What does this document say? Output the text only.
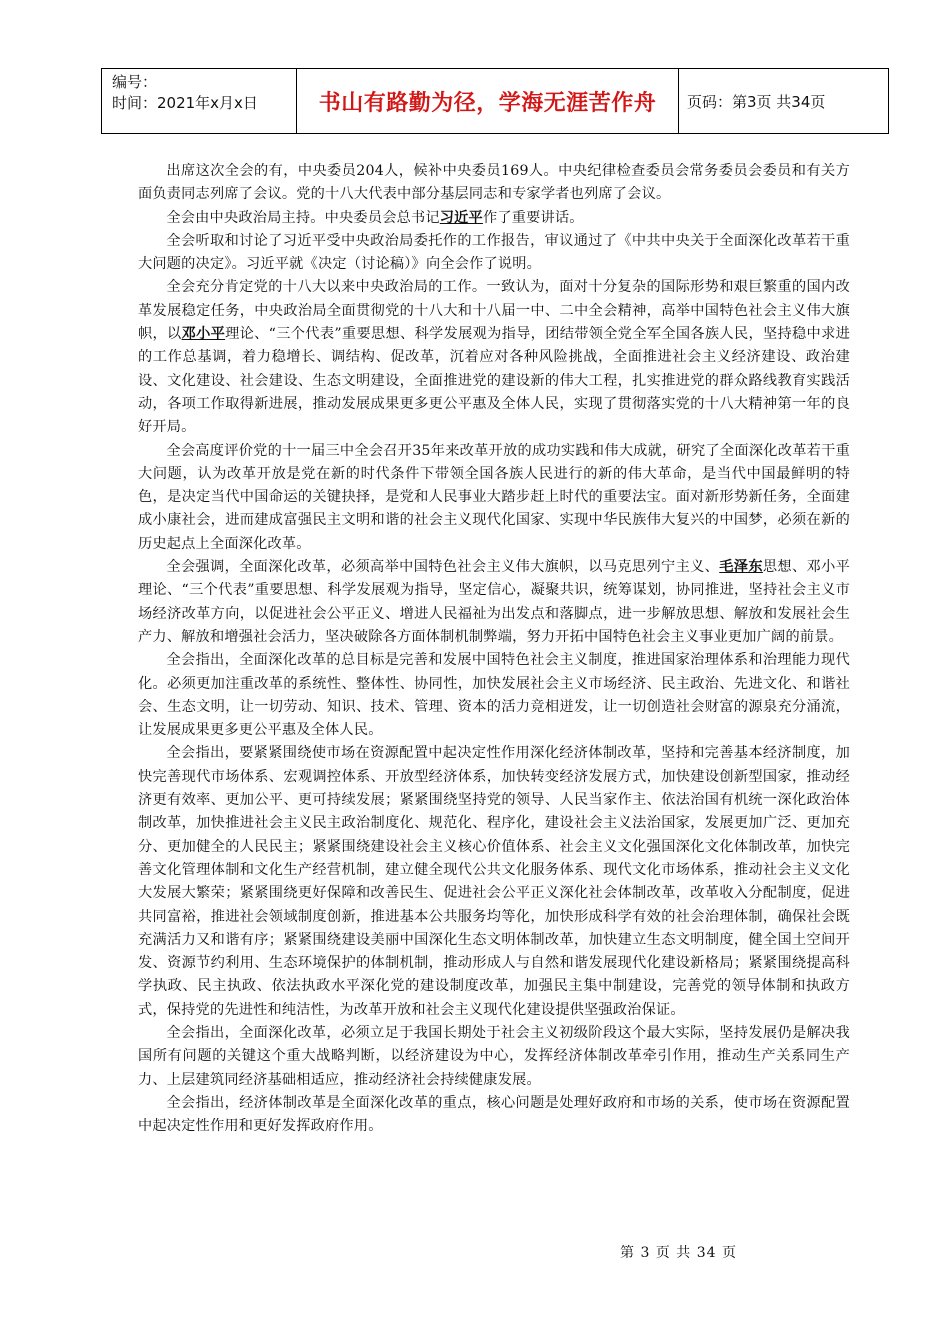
编号：
时间：2021年x月x日	书山有路勤为径，学海无涯苦作舟	页码：第3页 共34页

出席这次全会的有，中央委员204人，候补中央委员169人。中央纪律检查委员会常务委员会委员和有关方面负责同志列席了会议。党的十八大代表中部分基层同志和专家学者也列席了会议。

全会由中央政治局主持。中央委员会总书记习近平作了重要讲话。

全会听取和讨论了习近平受中央政治局委托作的工作报告，审议通过了《中共中央关于全面深化改革若干重大问题的决定》。习近平就《决定（讨论稿）》向全会作了说明。

全会充分肯定党的十八大以来中央政治局的工作。一致认为，面对十分复杂的国际形势和艰巨繁重的国内改革发展稳定任务，中央政治局全面贯彻党的十八大和十八届一中、二中全会精神，高举中国特色社会主义伟大旗帜，以邓小平理论、“三个代表”重要思想、科学发展观为指导，团结带领全党全军全国各族人民，坚持稳中求进的工作总基调，着力稳增长、调结构、促改革，沉着应对各种风险挑战，全面推进社会主义经济建设、政治建设、文化建设、社会建设、生态文明建设，全面推进党的建设新的伟大工程，扎实推进党的群众路线教育实践活动，各项工作取得新进展，推动发展成果更多更公平惠及全体人民，实现了贯彻落实党的十八大精神第一年的良好开局。

全会高度评价党的十一届三中全会召开35年来改革开放的成功实践和伟大成就，研究了全面深化改革若干重大问题，认为改革开放是党在新的时代条件下带领全国各族人民进行的新的伟大革命，是当代中国最鲜明的特色，是决定当代中国命运的关键抉择，是党和人民事业大踏步赶上时代的重要法宝。面对新形势新任务，全面建成小康社会，进而建成富强民主文明和谐的社会主义现代化国家、实现中华民族伟大复兴的中国梦，必须在新的历史起点上全面深化改革。

全会强调，全面深化改革，必须高举中国特色社会主义伟大旗帜，以马克思列宁主义、毛泽东思想、邓小平理论、“三个代表”重要思想、科学发展观为指导，坚定信心，凝聚共识，统筹谋划，协同推进，坚持社会主义市场经济改革方向，以促进社会公平正义、增进人民福祉为出发点和落脚点，进一步解放思想、解放和发展社会生产力、解放和增强社会活力，坚决破除各方面体制机制弊端，努力开拓中国特色社会主义事业更加广阔的前景。

全会指出，全面深化改革的总目标是完善和发展中国特色社会主义制度，推进国家治理体系和治理能力现代化。必须更加注重改革的系统性、整体性、协同性，加快发展社会主义市场经济、民主政治、先进文化、和谐社会、生态文明，让一切劳动、知识、技术、管理、资本的活力竞相迸发，让一切创造社会财富的源泉充分涌流，让发展成果更多更公平惠及全体人民。

全会指出，要紧紧围绕使市场在资源配置中起决定性作用深化经济体制改革，坚持和完善基本经济制度，加快完善现代市场体系、宏观调控体系、开放型经济体系，加快转变经济发展方式，加快建设创新型国家，推动经济更有效率、更加公平、更可持续发展；紧紧围绕坚持党的领导、人民当家作主、依法治国有机统一深化政治体制改革，加快推进社会主义民主政治制度化、规范化、程序化，建设社会主义法治国家，发展更加广泛、更加充分、更加健全的人民民主；紧紧围绕建设社会主义核心价值体系、社会主义文化强国深化文化体制改革，加快完善文化管理体制和文化生产经营机制，建立健全现代公共文化服务体系、现代文化市场体系，推动社会主义文化大发展大繁荣；紧紧围绕更好保障和改善民生、促进社会公平正义深化社会体制改革，改革收入分配制度，促进共同富裕，推进社会领域制度创新，推进基本公共服务均等化，加快形成科学有效的社会治理体制，确保社会既充满活力又和谐有序；紧紧围绕建设美丽中国深化生态文明体制改革，加快建立生态文明制度，健全国土空间开发、资源节约利用、生态环境保护的体制机制，推动形成人与自然和谐发展现代化建设新格局；紧紧围绕提高科学执政、民主执政、依法执政水平深化党的建设制度改革，加强民主集中制建设，完善党的领导体制和执政方式，保持党的先进性和纯洁性，为改革开放和社会主义现代化建设提供坚强政治保证。

全会指出，全面深化改革，必须立足于我国长期处于社会主义初级阶段这个最大实际，坚持发展仍是解决我国所有问题的关键这个重大战略判断，以经济建设为中心，发挥经济体制改革牵引作用，推动生产关系同生产力、上层建筑同经济基础相适应，推动经济社会持续健康发展。

全会指出，经济体制改革是全面深化改革的重点，核心问题是处理好政府和市场的关系，使市场在资源配置中起决定性作用和更好发挥政府作用。

第 3 页 共 34 页
